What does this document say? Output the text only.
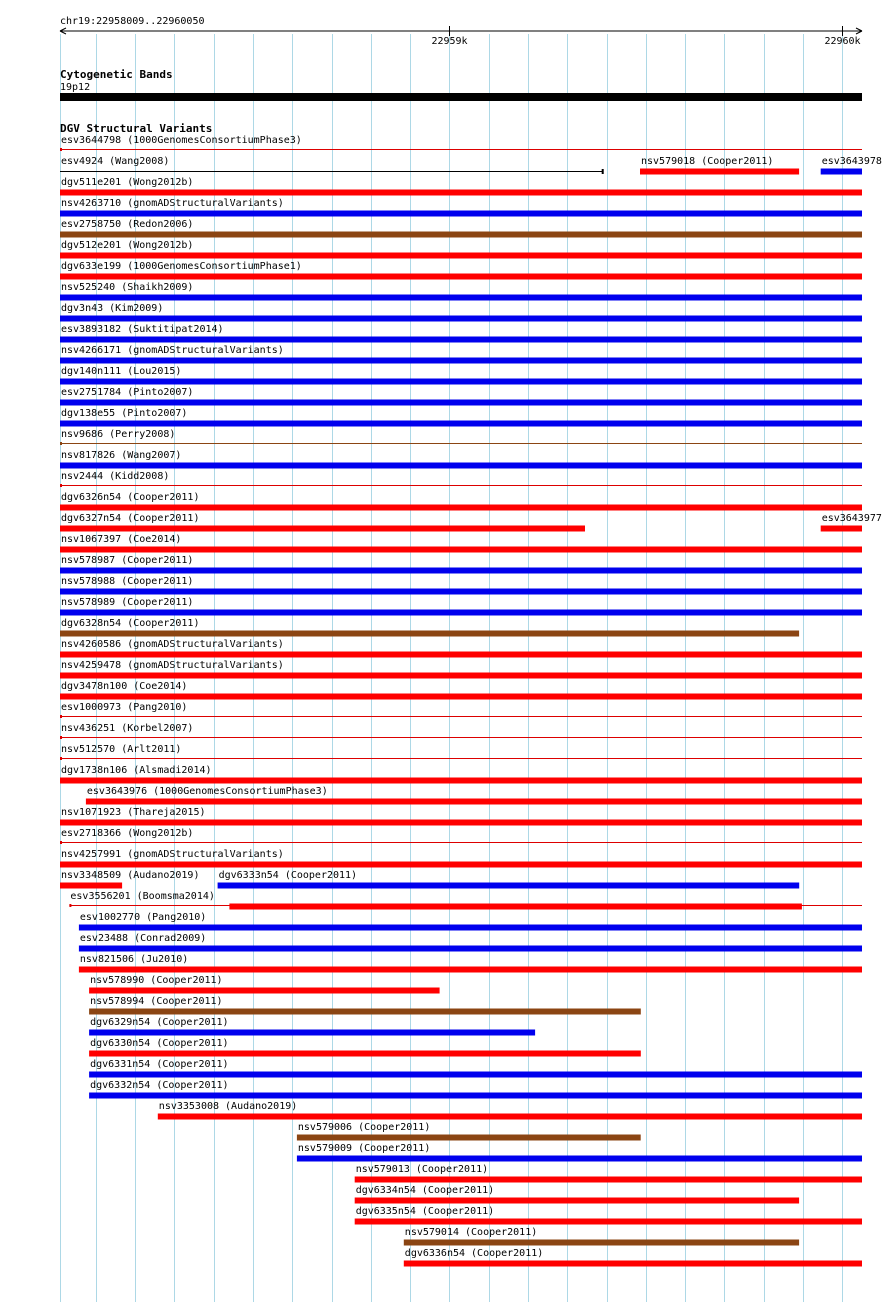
chr19:22958009..22960050
22959k	22960k
Cytogenetic Bands
19p12
DGV Structural Variants
esv3644798 (1000GenomesConsortiumPhase3)
esv4924 (Wang2008)	nsv579018 (Cooper2011)	esv3643978
dgv511e201 (Wong2012b)
nsv4263710 (gnomADStructuralVariants)
esv2758750 (Redon2006)
dgv512e201 (Wong2012b)
dgv633e199 (1000GenomesConsortiumPhase1)
nsv525240 (Shaikh2009)
dgv3n43 (Kim2009)
esv3893182 (Suktitipat2014)
nsv4266171 (gnomADStructuralVariants)
dgv140n111 (Lou2015)
esv2751784 (Pinto2007)
dgv138e55 (Pinto2007)
nsv9686 (Perry2008)
nsv817826 (Wang2007)
nsv2444 (Kidd2008)
dgv6326n54 (Cooper2011)
dgv6327n54 (Cooper2011)	esv3643977
nsv1067397 (Coe2014)
nsv578987 (Cooper2011)
nsv578988 (Cooper2011)
nsv578989 (Cooper2011)
dgv6328n54 (Cooper2011)
nsv4260586 (gnomADStructuralVariants)
nsv4259478 (gnomADStructuralVariants)
dgv3478n100 (Coe2014)
esv1000973 (Pang2010)
nsv436251 (Korbel2007)
nsv512570 (Arlt2011)
dgv1738n106 (Alsmadi2014)
esv3643976 (1000GenomesConsortiumPhase3)
nsv1071923 (Thareja2015)
esv2718366 (Wong2012b)
nsv4257991 (gnomADStructuralVariants)
nsv3348509 (Audano2019) dgv6333n54 (Cooper2011)
esv3556201 (Boomsma2014)
esv1002770 (Pang2010)
esv23488 (Conrad2009)
nsv821506 (Ju2010)
nsv578990 (Cooper2011)
nsv578994 (Cooper2011)
dgv6329n54 (Cooper2011)
dgv6330n54 (Cooper2011)
dgv6331n54 (Cooper2011)
dgv6332n54 (Cooper2011)
nsv3353008 (Audano2019)
nsv579006 (Cooper2011)
nsv579009 (Cooper2011)
nsv579013 (Cooper2011)
dgv6334n54 (Cooper2011)
dgv6335n54 (Cooper2011)
nsv579014 (Cooper2011)
dgv6336n54 (Cooper2011)
